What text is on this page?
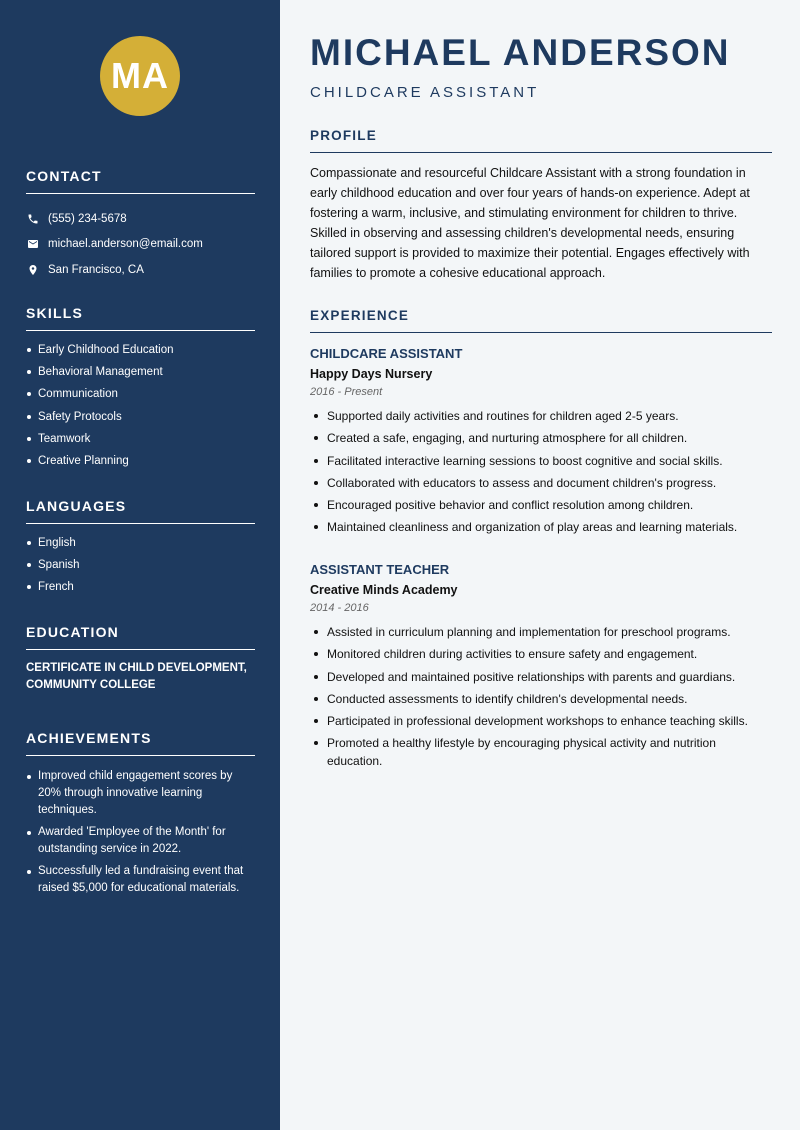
MA
CONTACT
(555) 234-5678
michael.anderson@email.com
San Francisco, CA
SKILLS
Early Childhood Education
Behavioral Management
Communication
Safety Protocols
Teamwork
Creative Planning
LANGUAGES
English
Spanish
French
EDUCATION

CERTIFICATE IN CHILD DEVELOPMENT, COMMUNITY COLLEGE

ACHIEVEMENTS
Improved child engagement scores by 20% through innovative learning techniques.
Awarded 'Employee of the Month' for outstanding service in 2022.
Successfully led a fundraising event that raised $5,000 for educational materials.
MICHAEL ANDERSON
CHILDCARE ASSISTANT
PROFILE

Compassionate and resourceful Childcare Assistant with a strong foundation in early childhood education and over four years of hands-on experience. Adept at fostering a warm, inclusive, and stimulating environment for children to thrive. Skilled in observing and assessing children's developmental needs, ensuring tailored support is provided to maximize their potential. Engages effectively with families to promote a cohesive educational approach.

EXPERIENCE
CHILDCARE ASSISTANT
Happy Days Nursery
2016 - Present
Supported daily activities and routines for children aged 2-5 years.
Created a safe, engaging, and nurturing atmosphere for all children.
Facilitated interactive learning sessions to boost cognitive and social skills.
Collaborated with educators to assess and document children's progress.
Encouraged positive behavior and conflict resolution among children.
Maintained cleanliness and organization of play areas and learning materials.
ASSISTANT TEACHER
Creative Minds Academy
2014 - 2016
Assisted in curriculum planning and implementation for preschool programs.
Monitored children during activities to ensure safety and engagement.
Developed and maintained positive relationships with parents and guardians.
Conducted assessments to identify children's developmental needs.
Participated in professional development workshops to enhance teaching skills.
Promoted a healthy lifestyle by encouraging physical activity and nutrition education.
